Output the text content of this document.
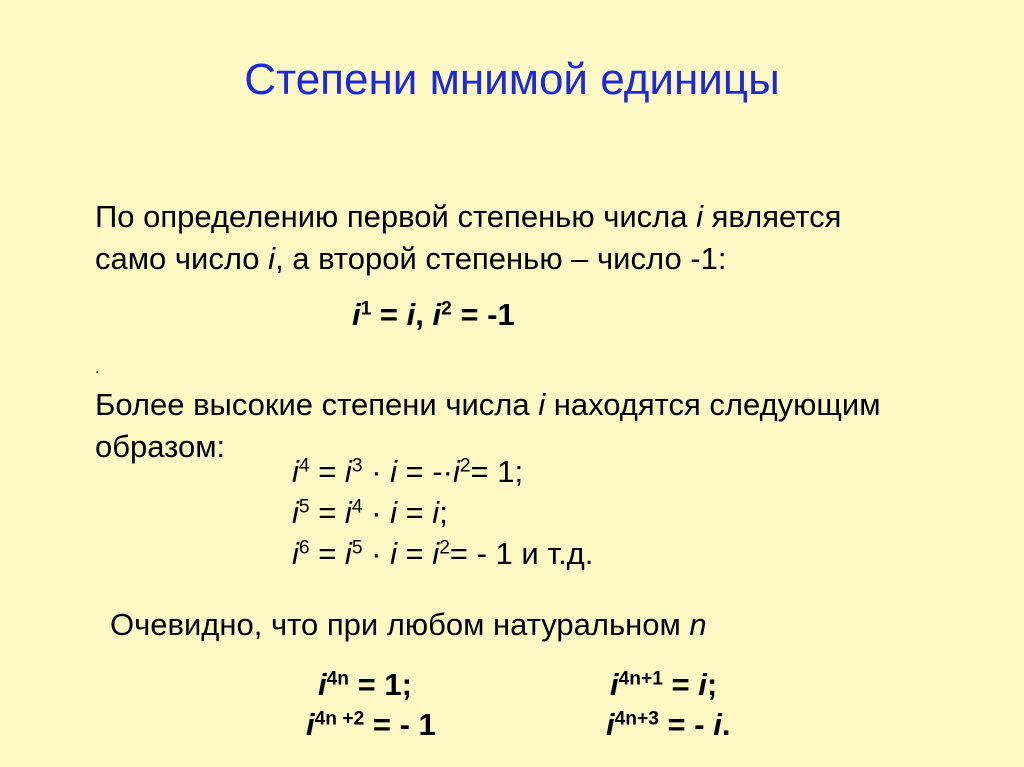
Степени мнимой единицы
По определению первой степенью числа i является
само число i, а второй степенью – число -1:
$i^1 = i$, $i^2 = -1$
.
Более высокие степени числа i находятся следующим
образом:
$i^4 = i^3 \cdot i = -\cdot i^2= 1$;
$i^5 = i^4 \cdot i = i$;
$i^6 = i^5 \cdot i = i^2= - 1$ и т.д.
Очевидно, что при любом натуральном n
$i^{4n} = 1$;	$i^{4n+1} = i$;
$i^{4n +2}$ = - 1	$i^{4n+3}$ = - i.
